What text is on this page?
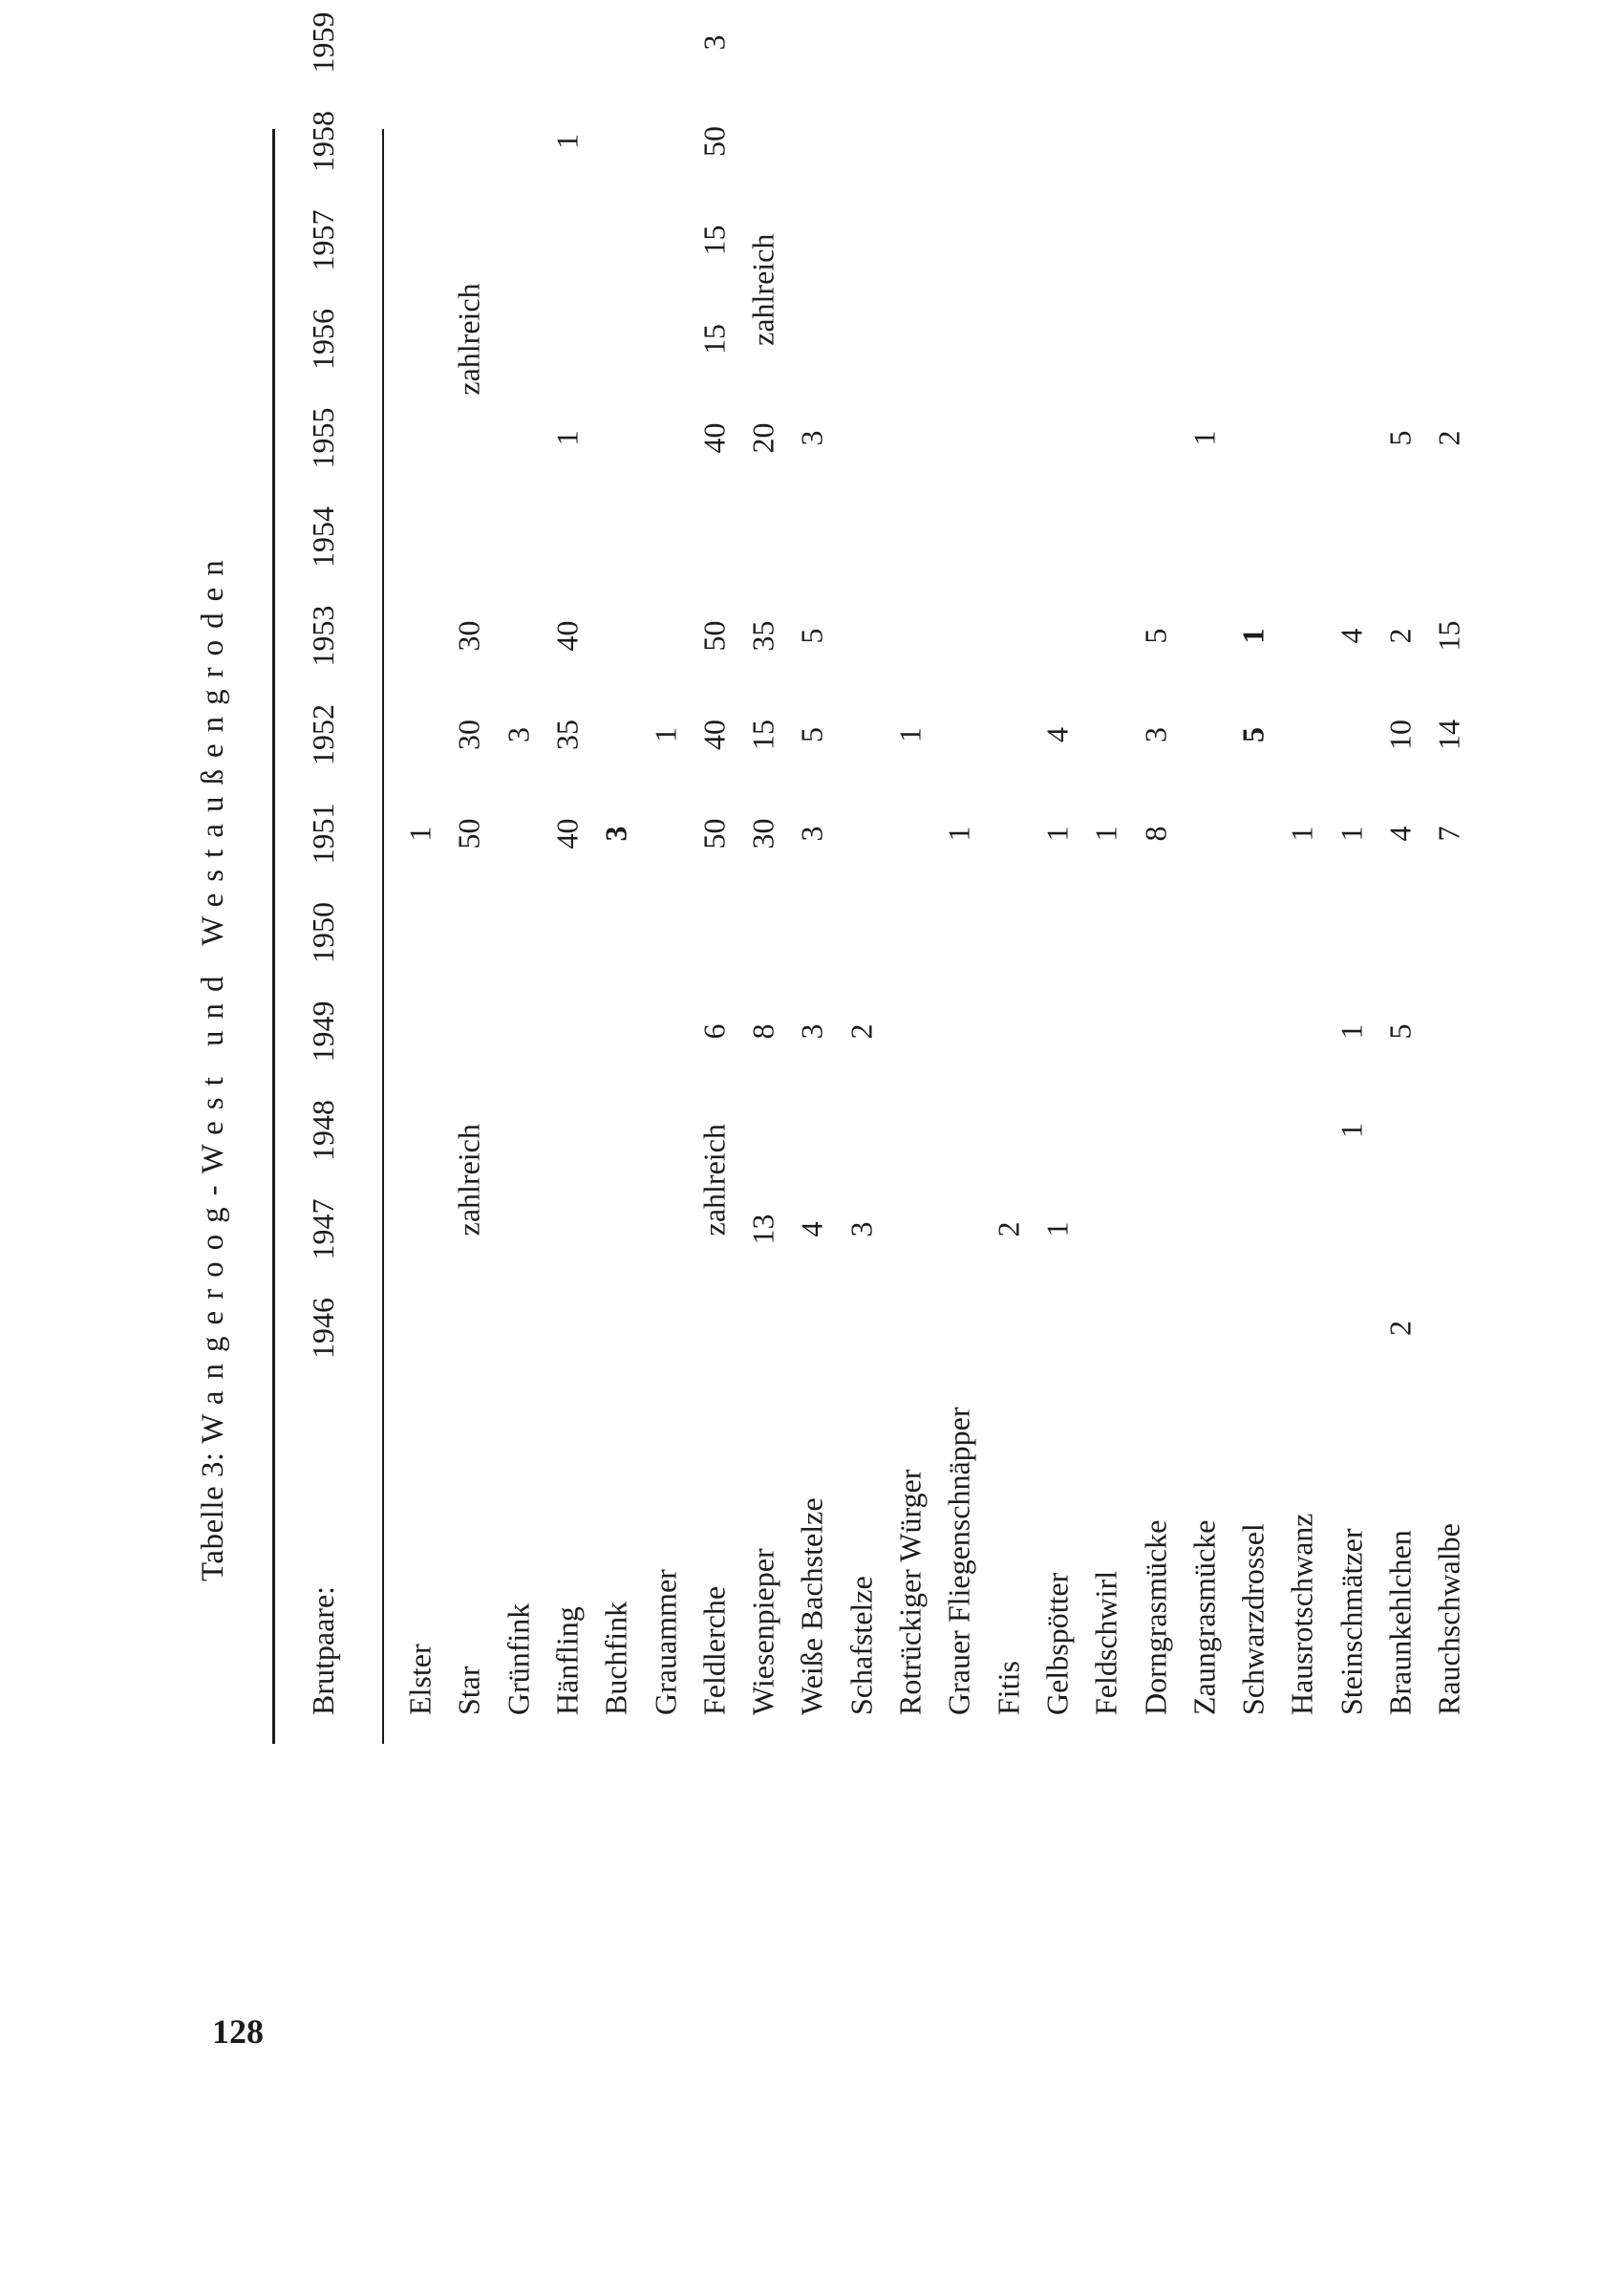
Tabelle 3: Wangeroog-West und Westaußengroden
Brutpaare:
1946
1947
1948
1949
1950
1951
1952
1953
1954
1955
1956
1957
1958
1959
Elster Star Grünfink Hänfling Buchfink Grauammer Feldlerche Wiesenpieper Weiße Bachstelze Schafstelze Rotrückiger Würger Grauer Fliegenschnäpper Fitis Gelbspötter Feldschwirl Dorngrasmücke Zaungrasmücke Schwarzdrossel Hausrotschwanz Steinschmätzer Braunkehlchen Rauchschwalbe
1
zahlreich
50
30
30
zahlreich
3
40
35
40
1
1
3
1
zahlreich
6
50
40
50
40
15
15
50
3
13
8
30
15
35
20
zahlreich
4
3
3
5
5
3
3
2
1
1
2 1
1
4
1 8
3
5
1
5
1
1
1
1
1
4
2
5
4
10
2
5
7
14
15
2
128
